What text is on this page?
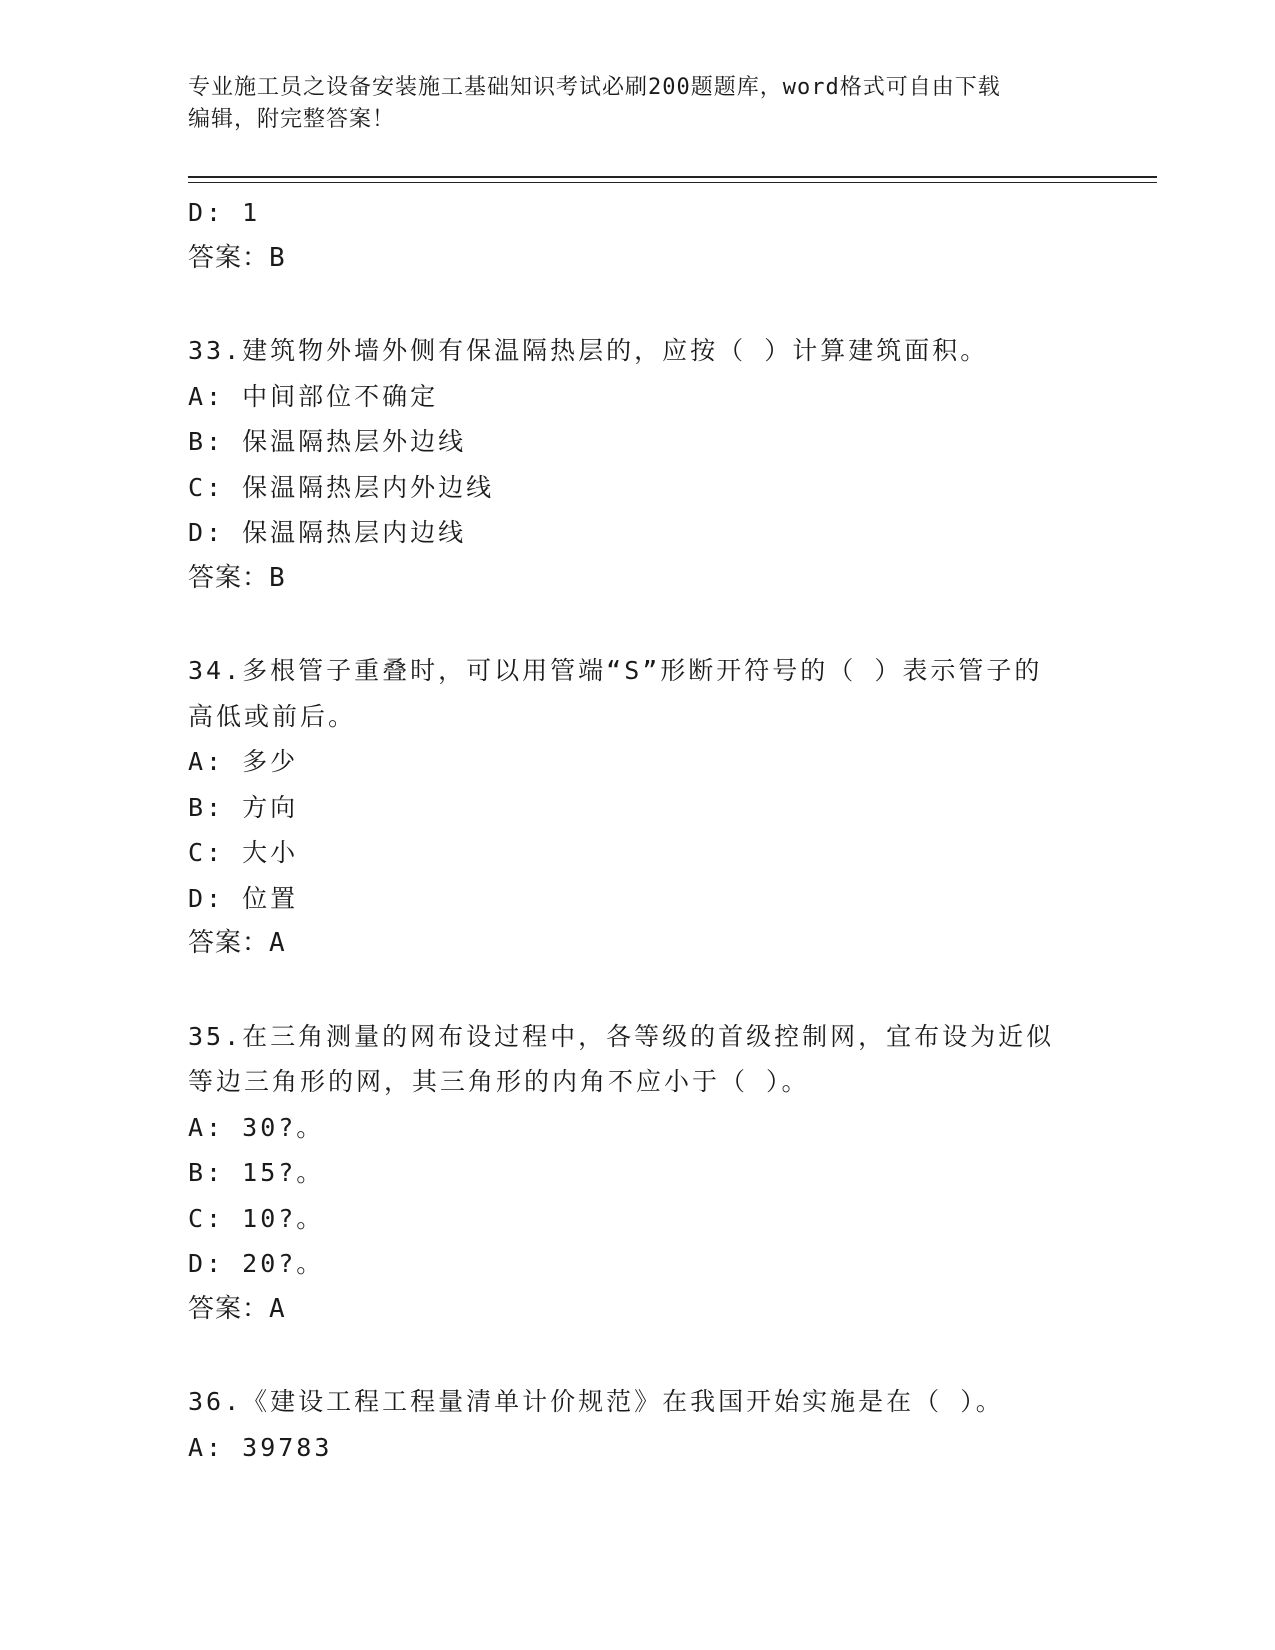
专业施工员之设备安装施工基础知识考试必刷200题题库，word格式可自由下载
编辑，附完整答案！
D: 1
答案：B
33.建筑物外墙外侧有保温隔热层的，应按（ ）计算建筑面积。
A: 中间部位不确定
B: 保温隔热层外边线
C: 保温隔热层内外边线
D: 保温隔热层内边线
答案：B
34.多根管子重叠时，可以用管端“S”形断开符号的（ ）表示管子的
高低或前后。
A: 多少
B: 方向
C: 大小
D: 位置
答案：A
35.在三角测量的网布设过程中，各等级的首级控制网，宜布设为近似
等边三角形的网，其三角形的内角不应小于（ ）。
A: 30?。
B: 15?。
C: 10?。
D: 20?。
答案：A
36.《建设工程工程量清单计价规范》在我国开始实施是在（ ）。
A: 39783
